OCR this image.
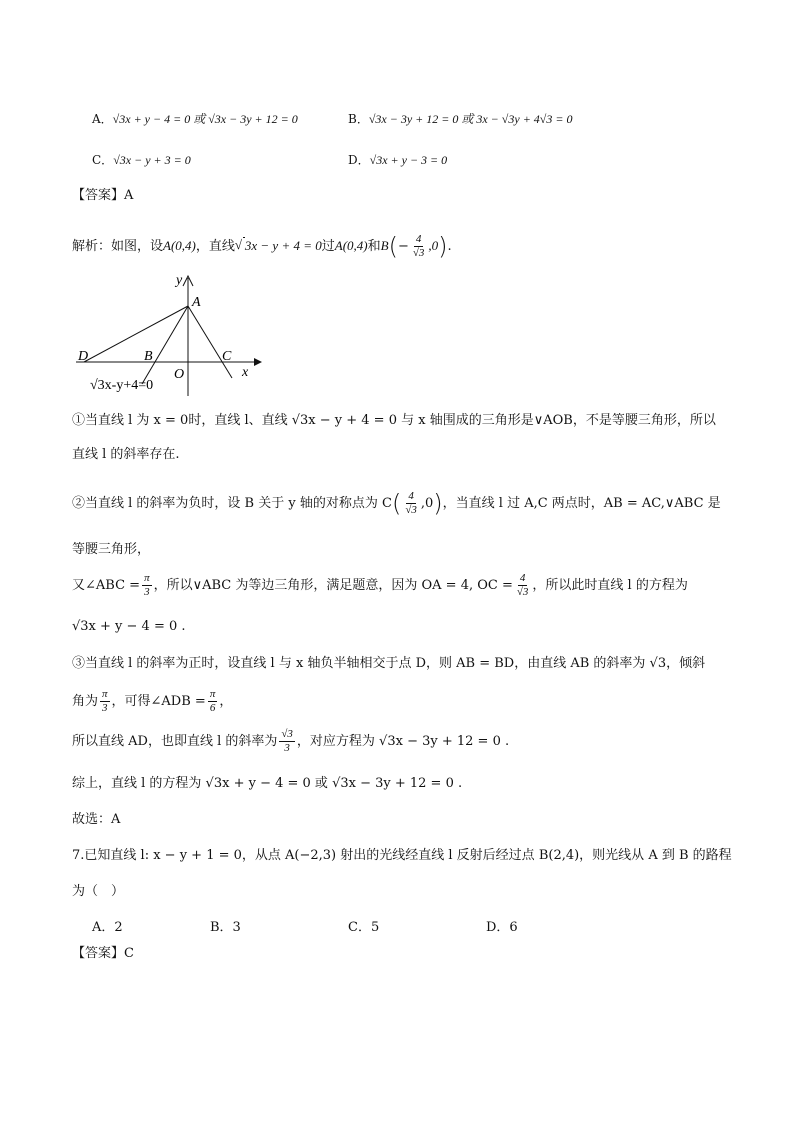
A．√3x + y − 4 = 0 或 √3x − 3y + 12 = 0	B．√3x − 3y + 12 = 0 或 3x − √3y + 4√3 = 0
C．√3x − y + 3 = 0	D．√3x + y − 3 = 0
【答案】A
解析：如图，设A(0,4)，直线√ 3x − y + 4 = 0过A(0,4)和$B(- \frac{4}{√3} ,0)$.
y
A
D	B	C
x
O
√3x-y+4=0
①当直线 l 为 x = 0时，直线 l、直线 √3x − y + 4 = 0 与 x 轴围成的三角形是∨AOB，不是等腰三角形，所以
直线 l 的斜率存在.
②当直线 l 的斜率为负时，设 B 关于 y 轴的对称点为 $C( \frac{4}{√3} ,0)$，当直线 l 过 A,C 两点时，AB = AC,∨ABC 是
等腰三角形，
又∠ABC = $\frac{\pi}{3}$ ，所以∨ABC 为等边三角形，满足题意，因为 OA = 4, OC = $\frac{4}{√3}$ ，所以此时直线 l 的方程为
√3x + y − 4 = 0 .
③当直线 l 的斜率为正时，设直线 l 与 x 轴负半轴相交于点 D，则 AB = BD，由直线 AB 的斜率为 √3，倾斜
角为 $\frac{\pi}{3}$ ，可得∠ADB = $\frac{\pi}{6}$ ，
所以直线 AD，也即直线 l 的斜率为 $\frac{√3}{3}$ ，对应方程为 √3x − 3y + 12 = 0 .
综上，直线 l 的方程为 √3x + y − 4 = 0 或 √3x − 3y + 12 = 0 .
故选：A
7.已知直线 l: x − y + 1 = 0，从点 A(−2,3) 射出的光线经直线 l 反射后经过点 B(2,4)，则光线从 A 到 B 的路程
为（　）
A．2	B．3	C．5	D．6
【答案】C
